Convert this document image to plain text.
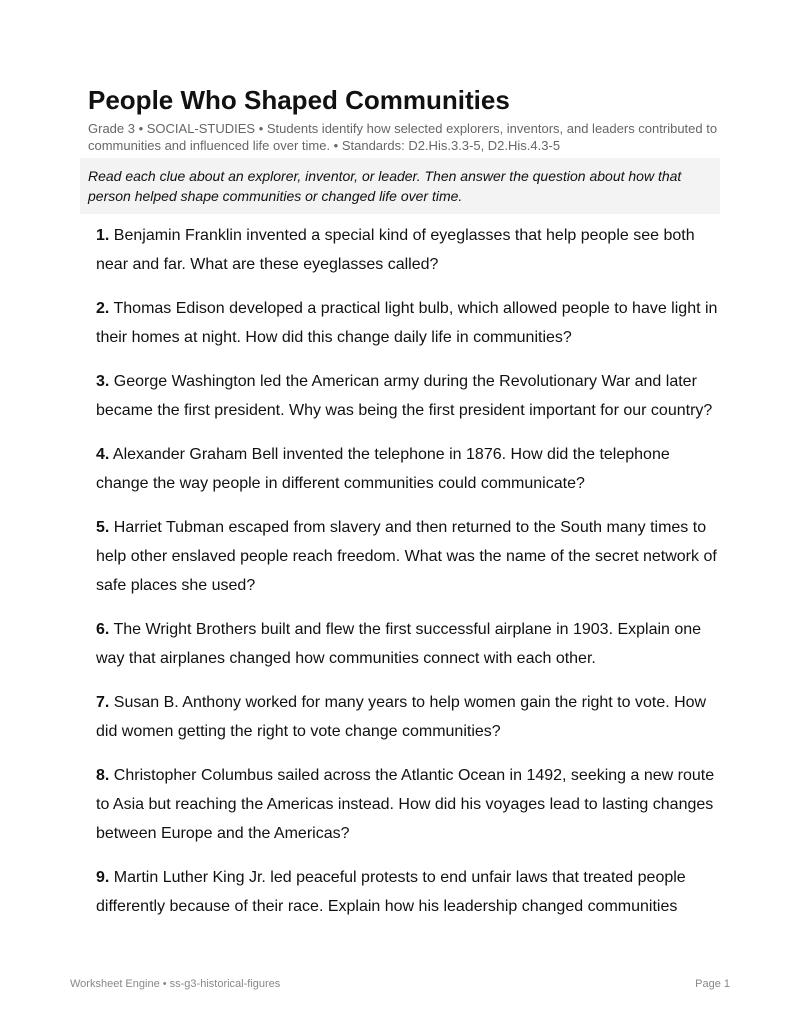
People Who Shaped Communities
Grade 3 • SOCIAL-STUDIES • Students identify how selected explorers, inventors, and leaders contributed to communities and influenced life over time. • Standards: D2.His.3.3-5, D2.His.4.3-5
Read each clue about an explorer, inventor, or leader. Then answer the question about how that person helped shape communities or changed life over time.
1. Benjamin Franklin invented a special kind of eyeglasses that help people see both near and far. What are these eyeglasses called?
2. Thomas Edison developed a practical light bulb, which allowed people to have light in their homes at night. How did this change daily life in communities?
3. George Washington led the American army during the Revolutionary War and later became the first president. Why was being the first president important for our country?
4. Alexander Graham Bell invented the telephone in 1876. How did the telephone change the way people in different communities could communicate?
5. Harriet Tubman escaped from slavery and then returned to the South many times to help other enslaved people reach freedom. What was the name of the secret network of safe places she used?
6. The Wright Brothers built and flew the first successful airplane in 1903. Explain one way that airplanes changed how communities connect with each other.
7. Susan B. Anthony worked for many years to help women gain the right to vote. How did women getting the right to vote change communities?
8. Christopher Columbus sailed across the Atlantic Ocean in 1492, seeking a new route to Asia but reaching the Americas instead. How did his voyages lead to lasting changes between Europe and the Americas?
9. Martin Luther King Jr. led peaceful protests to end unfair laws that treated people differently because of their race. Explain how his leadership changed communities
Worksheet Engine • ss-g3-historical-figures	Page 1
